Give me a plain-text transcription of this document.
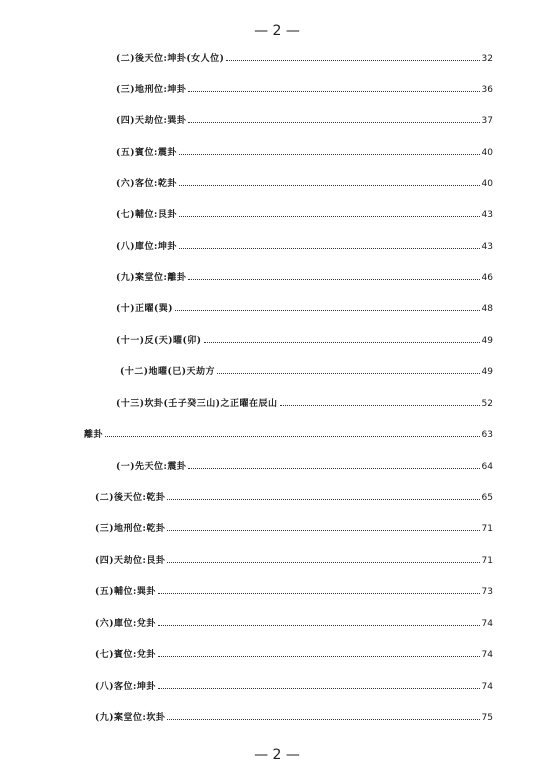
— 2 —
(二)後天位:坤卦(女人位)	32
(三)地刑位:坤卦	36
(四)天劫位:巽卦	37
(五)賓位:震卦	40
(六)客位:乾卦	40
(七)輔位:艮卦	43
(八)庫位:坤卦	43
(九)案堂位:離卦	46
(十)正曜(巽)	48
(十一)反(天)曜(卯)	49
(十二)地曜(巳)天劫方	49
(十三)坎卦(壬子癸三山)之正曜在辰山	52
離卦	63
(一)先天位:震卦	64
(二)後天位:乾卦	65
(三)地刑位:乾卦	71
(四)天劫位:艮卦	71
(五)輔位:巽卦	73
(六)庫位:兌卦	74
(七)賓位:兌卦	74
(八)客位:坤卦	74
(九)案堂位:坎卦	75
— 2 —
